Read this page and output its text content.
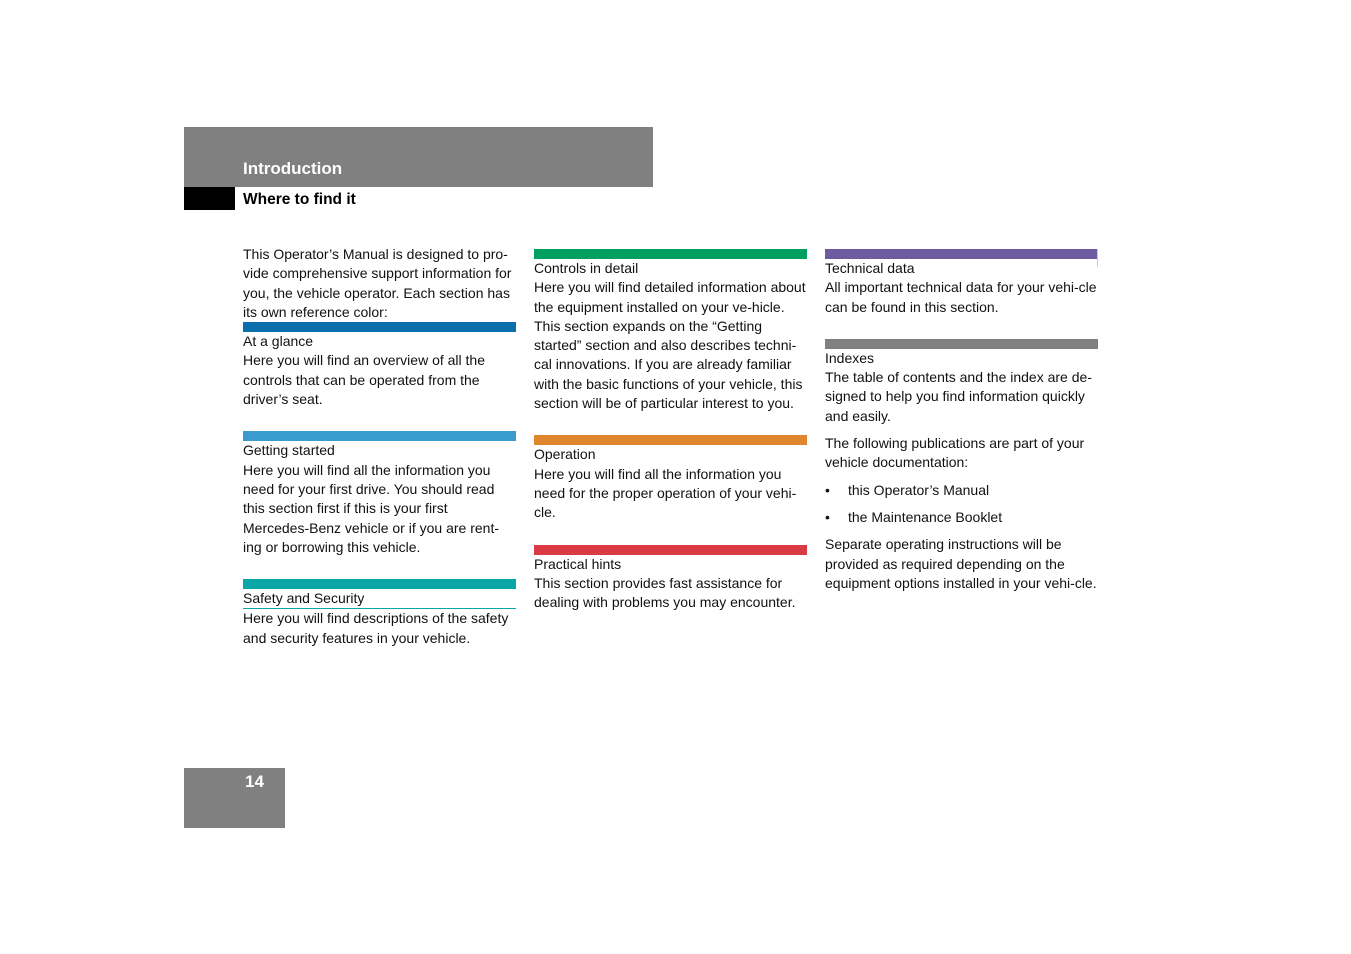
Introduction
Where to find it

This Operator’s Manual is designed to pro-vide comprehensive support information for you, the vehicle operator. Each section has its own reference color:

At a glance

Here you will find an overview of all the controls that can be operated from the driver’s seat.

Getting started

Here you will find all the information you need for your first drive. You should read this section first if this is your first Mercedes-Benz vehicle or if you are rent-ing or borrowing this vehicle.

Safety and Security

Here you will find descriptions of the safety and security features in your vehicle.

Controls in detail

Here you will find detailed information about the equipment installed on your ve-hicle. This section expands on the “Getting started” section and also describes techni-cal innovations. If you are already familiar with the basic functions of your vehicle, this section will be of particular interest to you.

Operation

Here you will find all the information you need for the proper operation of your vehi-cle.

Practical hints

This section provides fast assistance for dealing with problems you may encounter.

Technical data

All important technical data for your vehi-cle can be found in this section.

Indexes

The table of contents and the index are de-signed to help you find information quickly and easily.

The following publications are part of your vehicle documentation:

•	this Operator’s Manual
•	the Maintenance Booklet

Separate operating instructions will be provided as required depending on the equipment options installed in your vehi-cle.

14
